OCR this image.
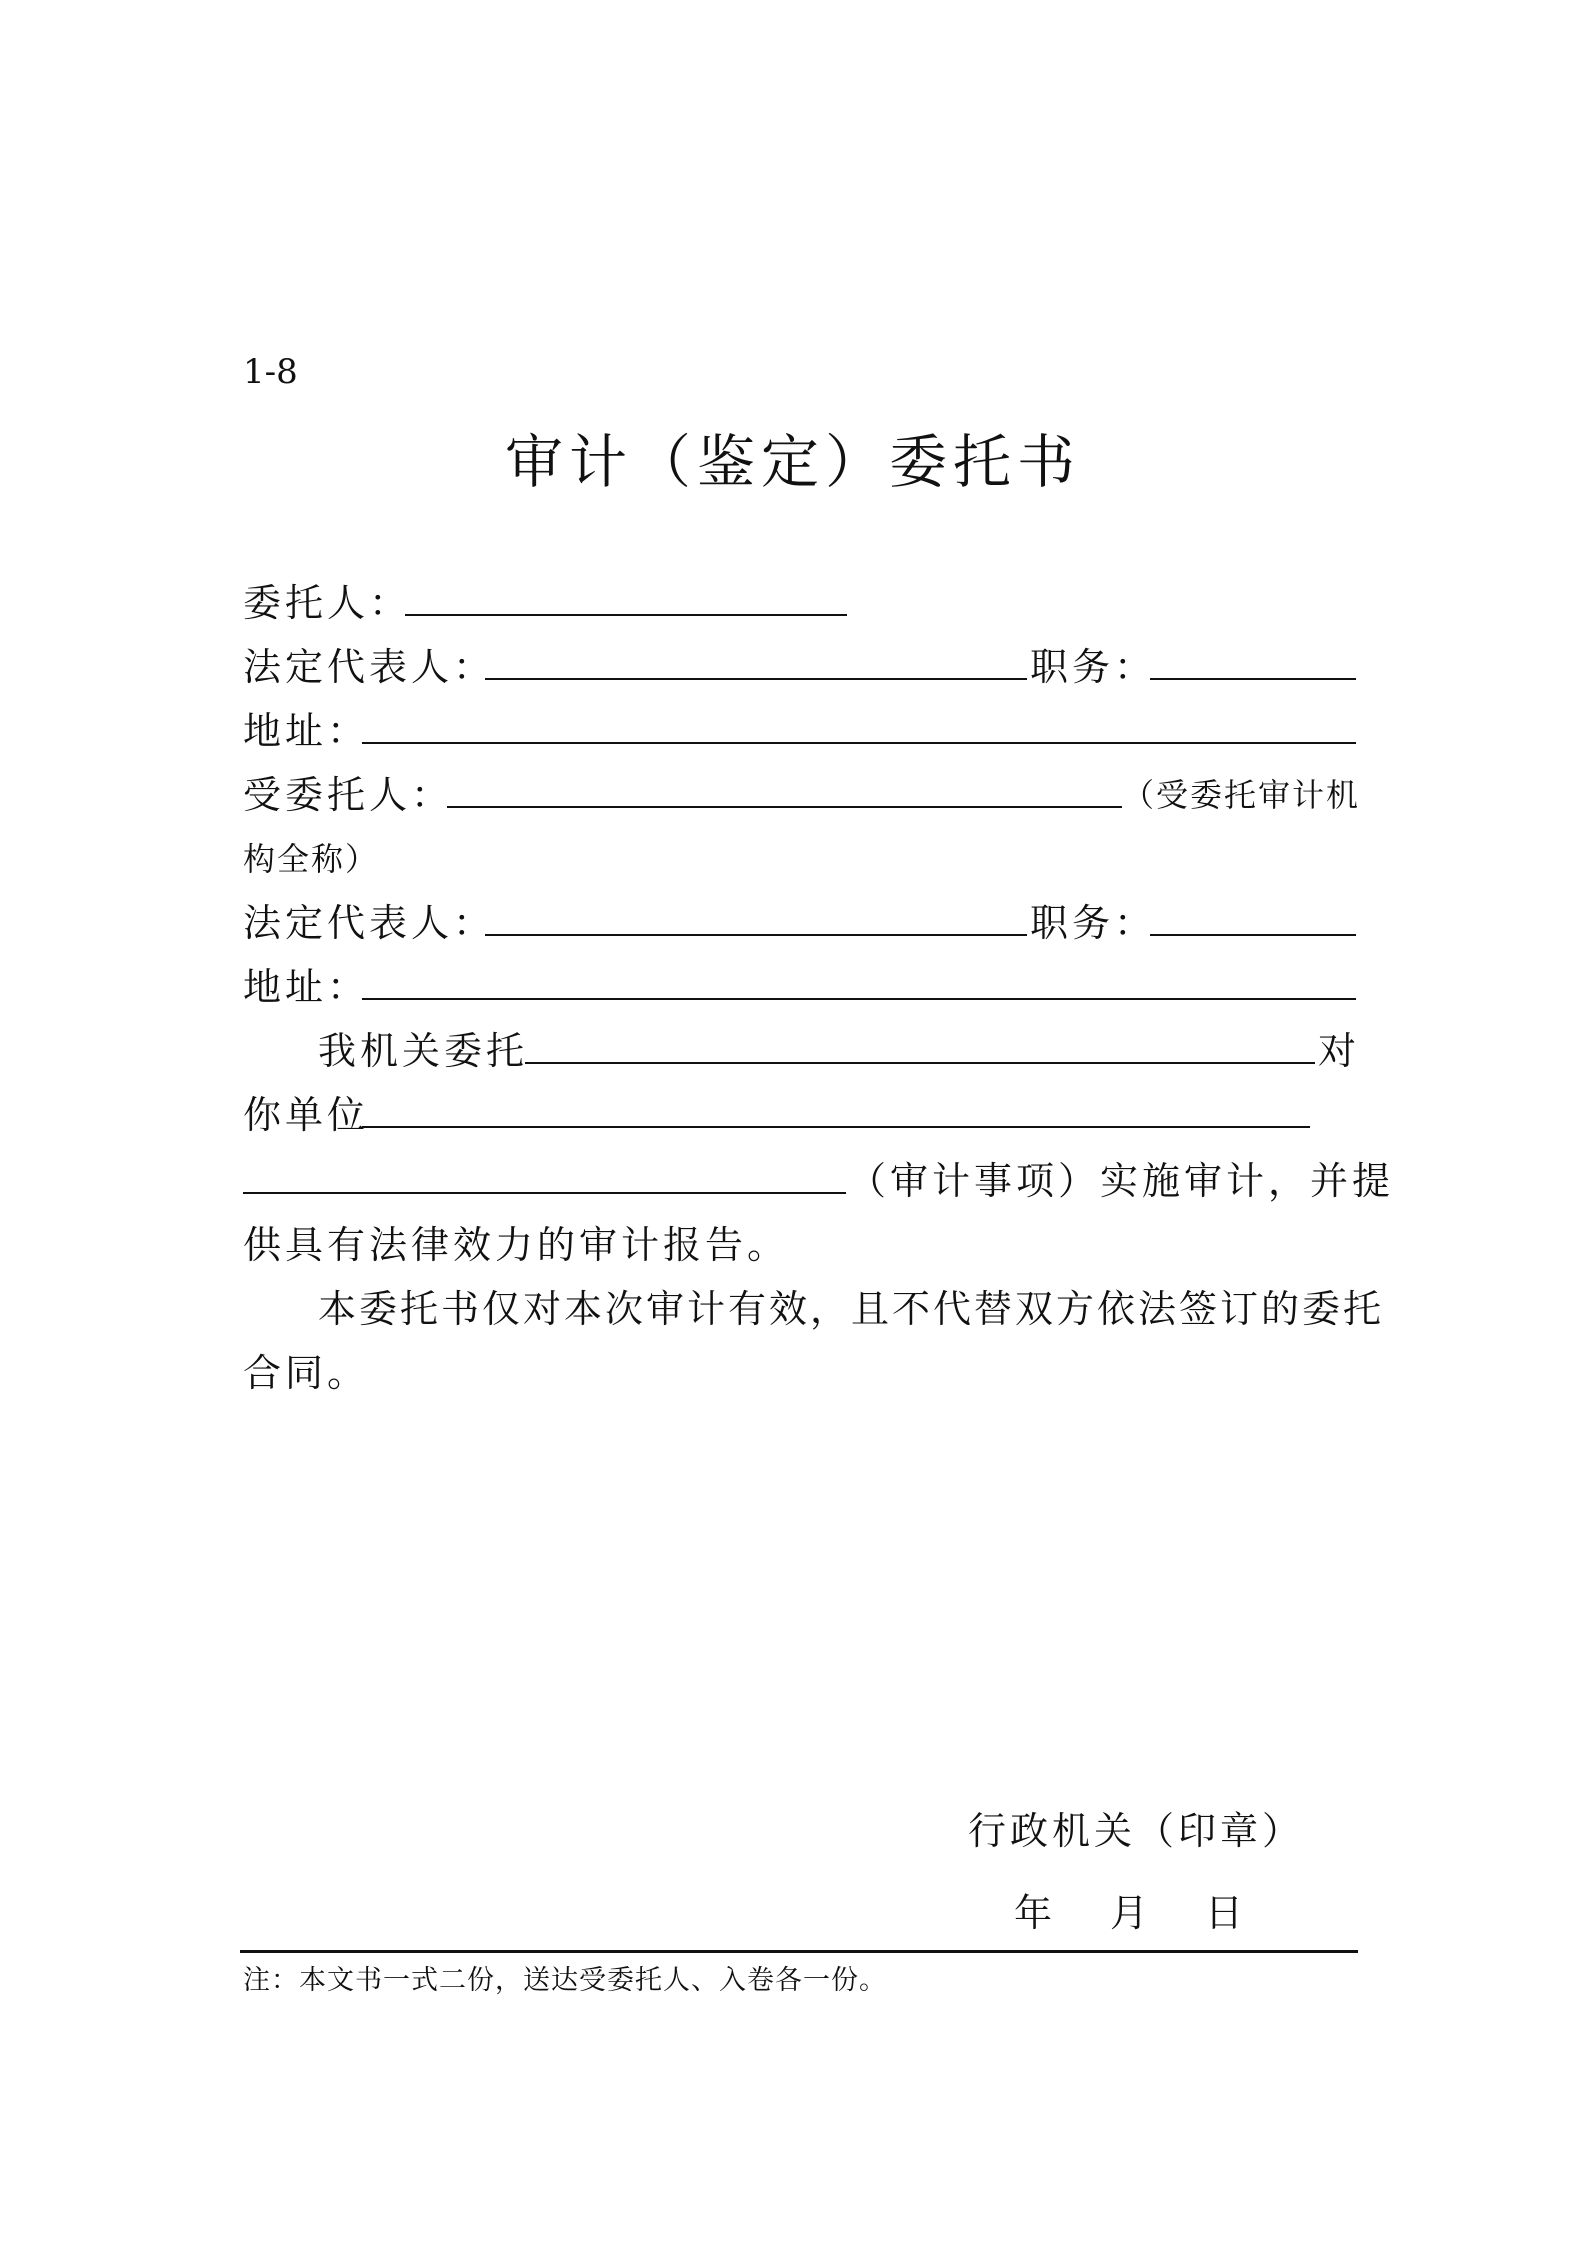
1-8
审计（鉴定）委托书
委托人：
法定代表人：	职务：
地址：
受委托人：	（受委托审计机
构全称）
法定代表人：	职务：
地址：
我机关委托	对
你单位
（审计事项）实施审计，并提
供具有法律效力的审计报告。
本委托书仅对本次审计有效，且不代替双方依法签订的委托
合同。
行政机关（印章）
年 月 日
注：本文书一式二份，送达受委托人、入卷各一份。
